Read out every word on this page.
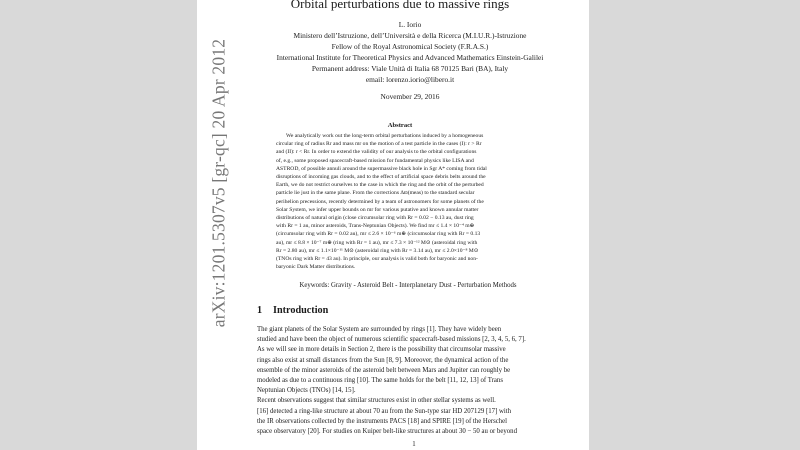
arXiv:1201.5307v5 [gr-qc] 20 Apr 2012
Orbital perturbations due to massive rings
L. Iorio
Ministero dell’Istruzione, dell’Università e della Ricerca (M.I.U.R.)-Istruzione
Fellow of the Royal Astronomical Society (F.R.A.S.)
International Institute for Theoretical Physics and Advanced Mathematics Einstein-Galilei
Permanent address: Viale Unità di Italia 68 70125 Bari (BA), Italy
email: lorenzo.iorio@libero.it
November 29, 2016
Abstract
We analytically work out the long-term orbital perturbations induced by a homogeneous
circular ring of radius Rr and mass mr on the motion of a test particle in the cases (I): r > Rr
and (II): r < Rr. In order to extend the validity of our analysis to the orbital configurations
of, e.g., some proposed spacecraft-based mission for fundamental physics like LISA and
ASTROD, of possible annuli around the supermassive black hole in Sgr A* coming from tidal
disruptions of incoming gas clouds, and to the effect of artificial space debris belts around the
Earth, we do not restrict ourselves to the case in which the ring and the orbit of the perturbed
particle lie just in the same plane. From the corrections Δϖ(meas) to the standard secular
perihelion precessions, recently determined by a team of astronomers for some planets of the
Solar System, we infer upper bounds on mr for various putative and known annular matter
distributions of natural origin (close circumsolar ring with Rr = 0.02 − 0.13 au, dust ring
with Rr = 1 au, minor asteroids, Trans-Neptunian Objects). We find mr ≤ 1.4 × 10⁻⁴ m⊕
(circumsolar ring with Rr = 0.02 au), mr ≤ 2.6 × 10⁻⁶ m⊕ (circumsolar ring with Rr = 0.13
au), mr ≤ 8.8 × 10⁻⁷ m⊕ (ring with Rr = 1 au), mr ≤ 7.3 × 10⁻¹² M⊙ (asteroidal ring with
Rr = 2.80 au), mr ≤ 1.1×10⁻¹¹ M⊙ (asteroidal ring with Rr = 3.14 au), mr ≤ 2.0×10⁻⁸ M⊙
(TNOs ring with Rr = 43 au). In principle, our analysis is valid both for baryonic and non-
baryonic Dark Matter distributions.
Keywords: Gravity - Asteroid Belt - Interplanetary Dust - Perturbation Methods
1 Introduction
The giant planets of the Solar System are surrounded by rings [1]. They have widely been
studied and have been the object of numerous scientific spacecraft-based missions [2, 3, 4, 5, 6, 7].
As we will see in more details in Section 2, there is the possibility that circumsolar massive
rings also exist at small distances from the Sun [8, 9]. Moreover, the dynamical action of the
ensemble of the minor asteroids of the asteroid belt between Mars and Jupiter can roughly be
modeled as due to a continuous ring [10]. The same holds for the belt [11, 12, 13] of Trans
Neptunian Objects (TNOs) [14, 15].
Recent observations suggest that similar structures exist in other stellar systems as well.
[16] detected a ring-like structure at about 70 au from the Sun-type star HD 207129 [17] with
the IR observations collected by the instruments PACS [18] and SPIRE [19] of the Herschel
space observatory [20]. For studies on Kuiper belt-like structures at about 30 − 50 au or beyond
1
